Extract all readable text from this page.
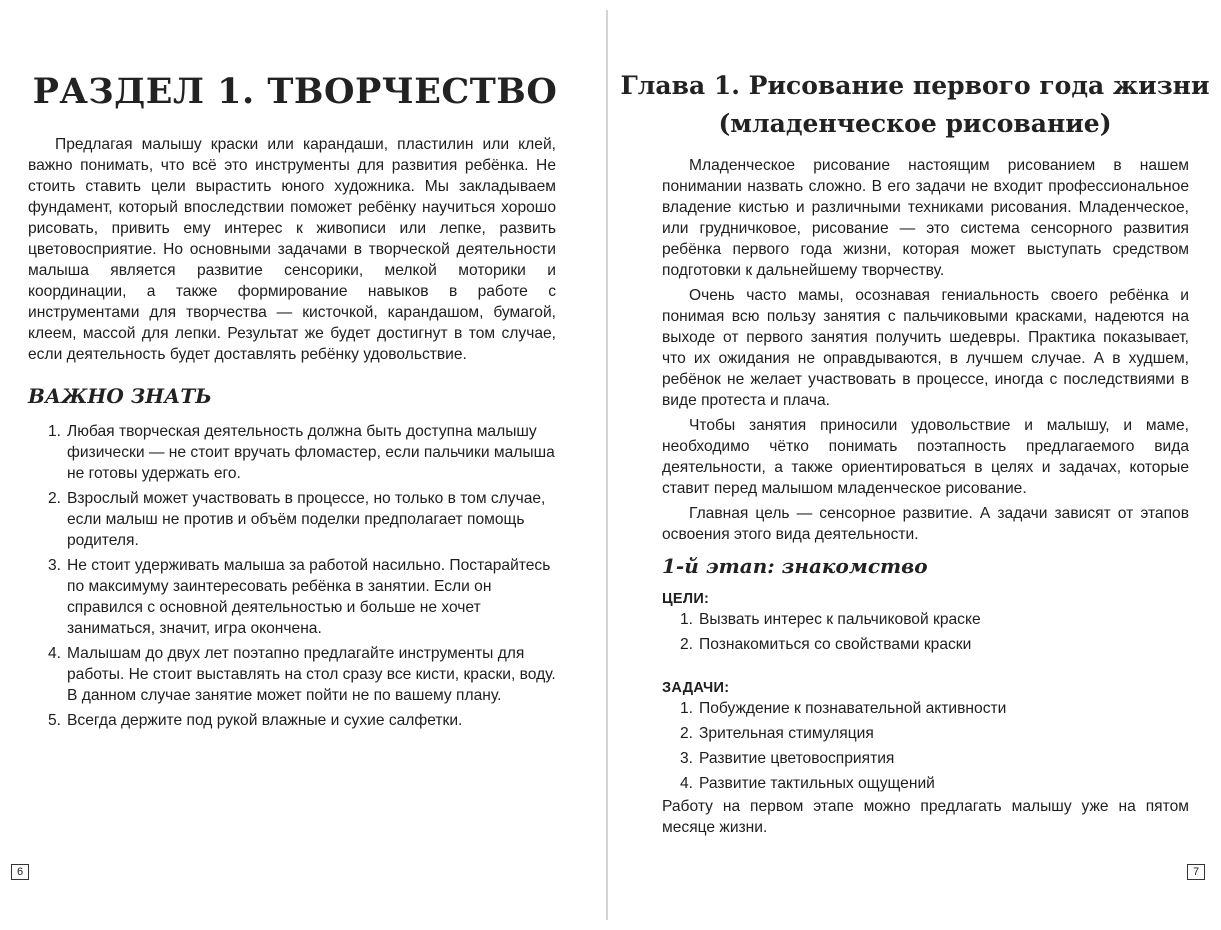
РАЗДЕЛ 1. ТВОРЧЕСТВО

Предлагая малышу краски или карандаши, пластилин или клей, важно понимать, что всё это инструменты для развития ребёнка. Не стоить ставить цели вырастить юного художника. Мы закладываем фундамент, который впоследствии поможет ребёнку научиться хорошо рисовать, привить ему интерес к живописи или лепке, развить цветовосприятие. Но основными задачами в творческой деятельности малыша является развитие сенсорики, мелкой моторики и координации, а также формирование навыков в работе с инструментами для творчества — кисточкой, карандашом, бумагой, клеем, массой для лепки. Результат же будет достигнут в том случае, если деятельность будет доставлять ребёнку удовольствие.

ВАЖНО ЗНАТЬ
1. Любая творческая деятельность должна быть доступна малышу физически — не стоит вручать фломастер, если пальчики малыша не готовы удержать его.
2. Взрослый может участвовать в процессе, но только в том случае, если малыш не против и объём поделки предполагает помощь родителя.
3. Не стоит удерживать малыша за работой насильно. Постарайтесь по максимуму заинтересовать ребёнка в занятии. Если он справился с основной деятельностью и больше не хочет заниматься, значит, игра окончена.
4. Малышам до двух лет поэтапно предлагайте инструменты для работы. Не стоит выставлять на стол сразу все кисти, краски, воду. В данном случае занятие может пойти не по вашему плану.
5. Всегда держите под рукой влажные и сухие салфетки.
6
Глава 1. Рисование первого года жизни
(младенческое рисование)

Младенческое рисование настоящим рисованием в нашем понимании назвать сложно. В его задачи не входит профессиональное владение кистью и различными техниками рисования. Младенческое, или грудничковое, рисование — это система сенсорного развития ребёнка первого года жизни, которая может выступать средством подготовки к дальнейшему творчеству.

Очень часто мамы, осознавая гениальность своего ребёнка и понимая всю пользу занятия с пальчиковыми красками, надеются на выходе от первого занятия получить шедевры. Практика показывает, что их ожидания не оправдываются, в лучшем случае. А в худшем, ребёнок не желает участвовать в процессе, иногда с последствиями в виде протеста и плача.

Чтобы занятия приносили удовольствие и малышу, и маме, необходимо чётко понимать поэтапность предлагаемого вида деятельности, а также ориентироваться в целях и задачах, которые ставит перед малышом младенческое рисование.

Главная цель — сенсорное развитие. А задачи зависят от этапов освоения этого вида деятельности.

1-й этап: знакомство
ЦЕЛИ:
1. Вызвать интерес к пальчиковой краске
2. Познакомиться со свойствами краски
ЗАДАЧИ:
1. Побуждение к познавательной активности
2. Зрительная стимуляция
3. Развитие цветовосприятия
4. Развитие тактильных ощущений

Работу на первом этапе можно предлагать малышу уже на пятом месяце жизни.

7
